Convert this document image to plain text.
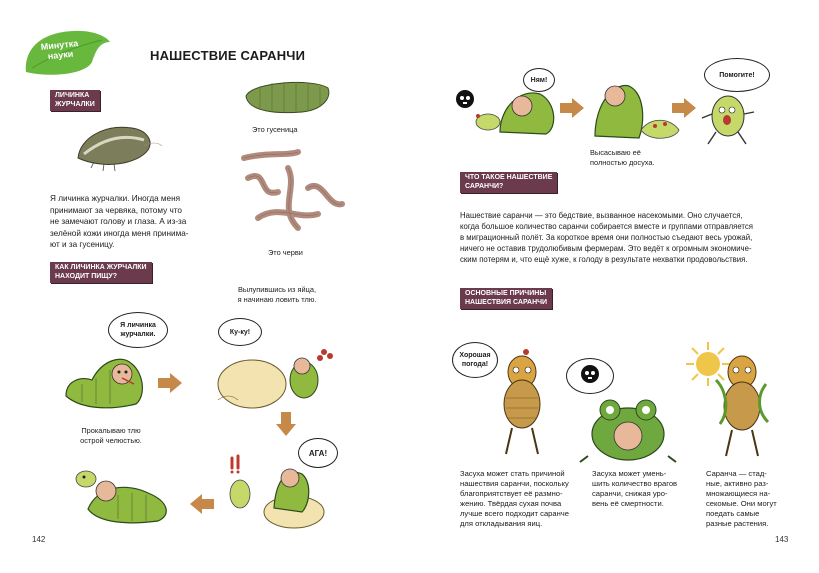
Минутка
науки	НАШЕСТВИЕ САРАНЧИ
ЛИЧИНКА
ЖУРЧАЛКИ
Я личинка журчалки. Иногда меня
принимают за червяка, потому что
не замечают голову и глаза. А из-за
зелёной кожи иногда меня принима-
ют и за гусеницу.
Это гусеница
Это черви
КАК ЛИЧИНКА ЖУРЧАЛКИ
НАХОДИТ ПИЩУ?
Я личинка
журчалки.
Вылупившись из яйца,
я начинаю ловить тлю.
Ку-ку!
Прокалываю тлю
острой челюстью.
АГА!
142
Ням!
Высасываю её
полностью досуха.
Помогите!
ЧТО ТАКОЕ НАШЕСТВИЕ
САРАНЧИ?
Нашествие саранчи — это бедствие, вызванное насекомыми. Оно случается,
когда большое количество саранчи собирается вместе и группами отправляется
в миграционный полёт. За короткое время они полностью съедают весь урожай,
ничего не оставив трудолюбивым фермерам. Это ведёт к огромным экономиче-
ским потерям и, что ещё хуже, к голоду в результате нехватки продовольствия.
ОСНОВНЫЕ ПРИЧИНЫ
НАШЕСТВИЯ САРАНЧИ
Хорошая
погода!
Засуха может стать причиной
нашествия саранчи, поскольку
благоприятствует её размно-
жению. Твёрдая сухая почва
лучше всего подходит саранче
для откладывания яиц.
Засуха может умень-
шить количество врагов
саранчи, снижая уро-
вень её смертности.
Саранча — стад-
ные, активно раз-
множающиеся на-
секомые. Они могут
поедать самые
разные растения.
143
